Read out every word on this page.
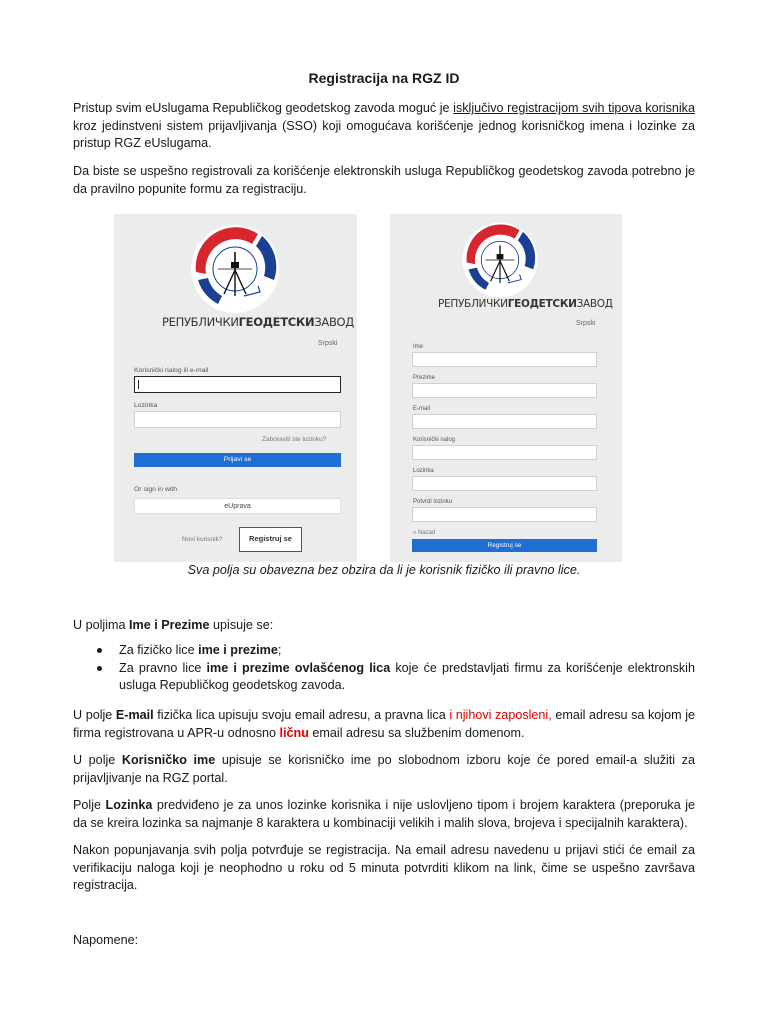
Registracija na RGZ ID

Pristup svim eUslugama Republičkog geodetskog zavoda moguć je isključivo registracijom svih tipova korisnika kroz jedinstveni sistem prijavljivanja (SSO) koji omogućava korišćenje jednog korisničkog imena i lozinke za pristup RGZ eUslugama.

Da biste se uspešno registrovali za korišćenje elektronskih usluga Republičkog geodetskog zavoda potrebno je da pravilno popunite formu za registraciju.

РЕПУБЛИЧКИГЕОДЕТСКИЗАВОД
Srpski
Korisnički nalog ili e-mail
Lozinka
Zaboravili ste lozinku?
Prijavi se
Or sign in with
eUprava
Novi korisnik?	Registruj se
РЕПУБЛИЧКИГЕОДЕТСКИЗАВОД
Srpski
Ime
Prezime
E-mail
Korisnički nalog
Lozinka
Potvrdi lozinku
« Nazad
Registruj se
Sva polja su obavezna bez obzira da li je korisnik fizičko ili pravno lice.

U poljima Ime i Prezime upisuje se:

Za fizičko lice ime i prezime;
Za pravno lice ime i prezime ovlašćenog lica koje će predstavljati firmu za korišćenje elektronskih usluga Republičkog geodetskog zavoda.

U polje E-mail fizička lica upisuju svoju email adresu, a pravna lica i njihovi zaposleni, email adresu sa kojom je firma registrovana u APR-u odnosno ličnu email adresu sa službenim domenom.

U polje Korisničko ime upisuje se korisničko ime po slobodnom izboru koje će pored email-a služiti za prijavljivanje na RGZ portal.

Polje Lozinka predviđeno je za unos lozinke korisnika i nije uslovljeno tipom i brojem karaktera (preporuka je da se kreira lozinka sa najmanje 8 karaktera u kombinaciji velikih i malih slova, brojeva i specijalnih karaktera).

Nakon popunjavanja svih polja potvrđuje se registracija. Na email adresu navedenu u prijavi stići će email za verifikaciju naloga koji je neophodno u roku od 5 minuta potvrditi klikom na link, čime se uspešno završava registracija.

Napomene:
